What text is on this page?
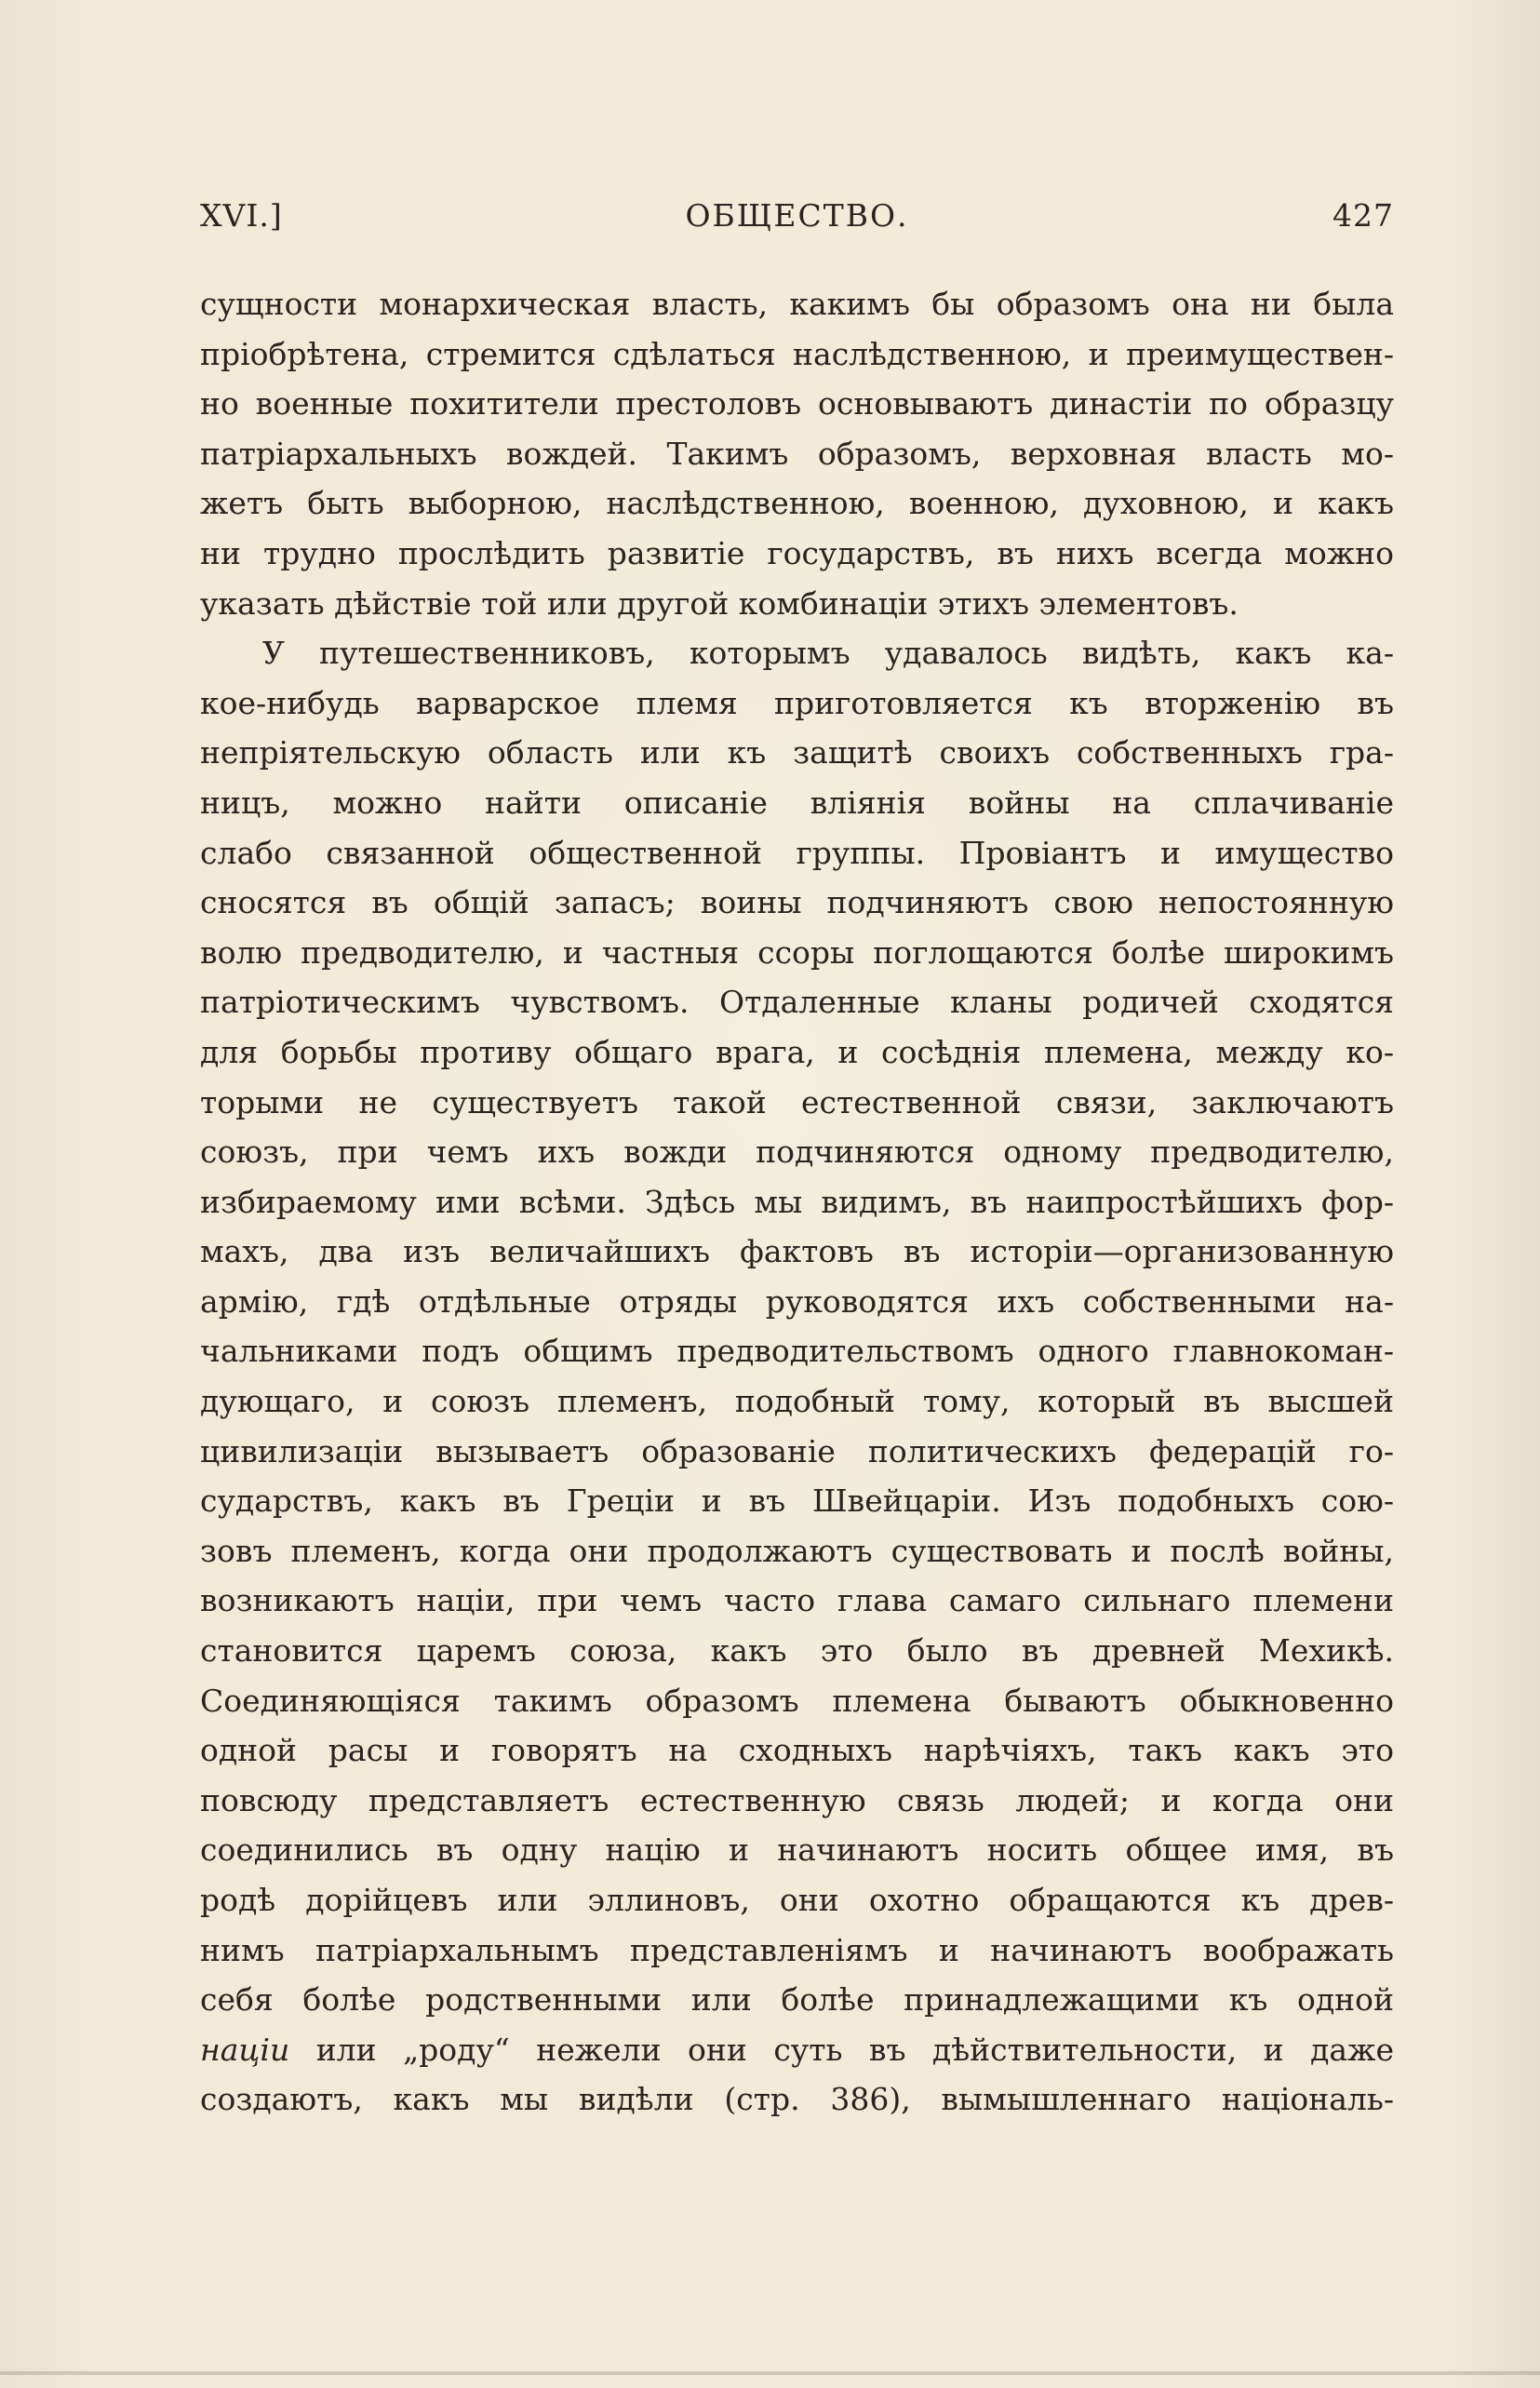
XVI.]	ОБЩЕСТВО.	427
сущности монархическая власть, какимъ бы образомъ она ни была
пріобрѣтена, стремится сдѣлаться наслѣдственною, и преимуществен-
но военные похитители престоловъ основываютъ династіи по образцу
патріархальныхъ вождей. Такимъ образомъ, верховная власть мо-
жетъ быть выборною, наслѣдственною, военною, духовною, и какъ
ни трудно прослѣдить развитіе государствъ, въ нихъ всегда можно
указать дѣйствіе той или другой комбинаціи этихъ элементовъ.
У путешественниковъ, которымъ удавалось видѣть, какъ ка-
кое-нибудь варварское племя приготовляется къ вторженію въ
непріятельскую область или къ защитѣ своихъ собственныхъ гра-
ницъ, можно найти описаніе вліянія войны на сплачиваніе
слабо связанной общественной группы. Провіантъ и имущество
сносятся въ общій запасъ; воины подчиняютъ свою непостоянную
волю предводителю, и частныя ссоры поглощаются болѣе широкимъ
патріотическимъ чувствомъ. Отдаленные кланы родичей сходятся
для борьбы противу общаго врага, и сосѣднія племена, между ко-
торыми не существуетъ такой естественной связи, заключаютъ
союзъ, при чемъ ихъ вожди подчиняются одному предводителю,
избираемому ими всѣми. Здѣсь мы видимъ, въ наипростѣйшихъ фор-
махъ, два изъ величайшихъ фактовъ въ исторіи—организованную
армію, гдѣ отдѣльные отряды руководятся ихъ собственными на-
чальниками подъ общимъ предводительствомъ одного главнокоман-
дующаго, и союзъ племенъ, подобный тому, который въ высшей
цивилизаціи вызываетъ образованіе политическихъ федерацій го-
сударствъ, какъ въ Греціи и въ Швейцаріи. Изъ подобныхъ сою-
зовъ племенъ, когда они продолжаютъ существовать и послѣ войны,
возникаютъ націи, при чемъ часто глава самаго сильнаго племени
становится царемъ союза, какъ это было въ древней Мехикѣ.
Соединяющіяся такимъ образомъ племена бываютъ обыкновенно
одной расы и говорятъ на сходныхъ нарѣчіяхъ, такъ какъ это
повсюду представляетъ естественную связь людей; и когда они
соединились въ одну націю и начинаютъ носить общее имя, въ
родѣ дорійцевъ или эллиновъ, они охотно обращаются къ древ-
нимъ патріархальнымъ представленіямъ и начинаютъ воображать
себя болѣе родственными или болѣе принадлежащими къ одной
націи или „роду“ нежели они суть въ дѣйствительности, и даже
создаютъ, какъ мы видѣли (стр. 386), вымышленнаго національ-
